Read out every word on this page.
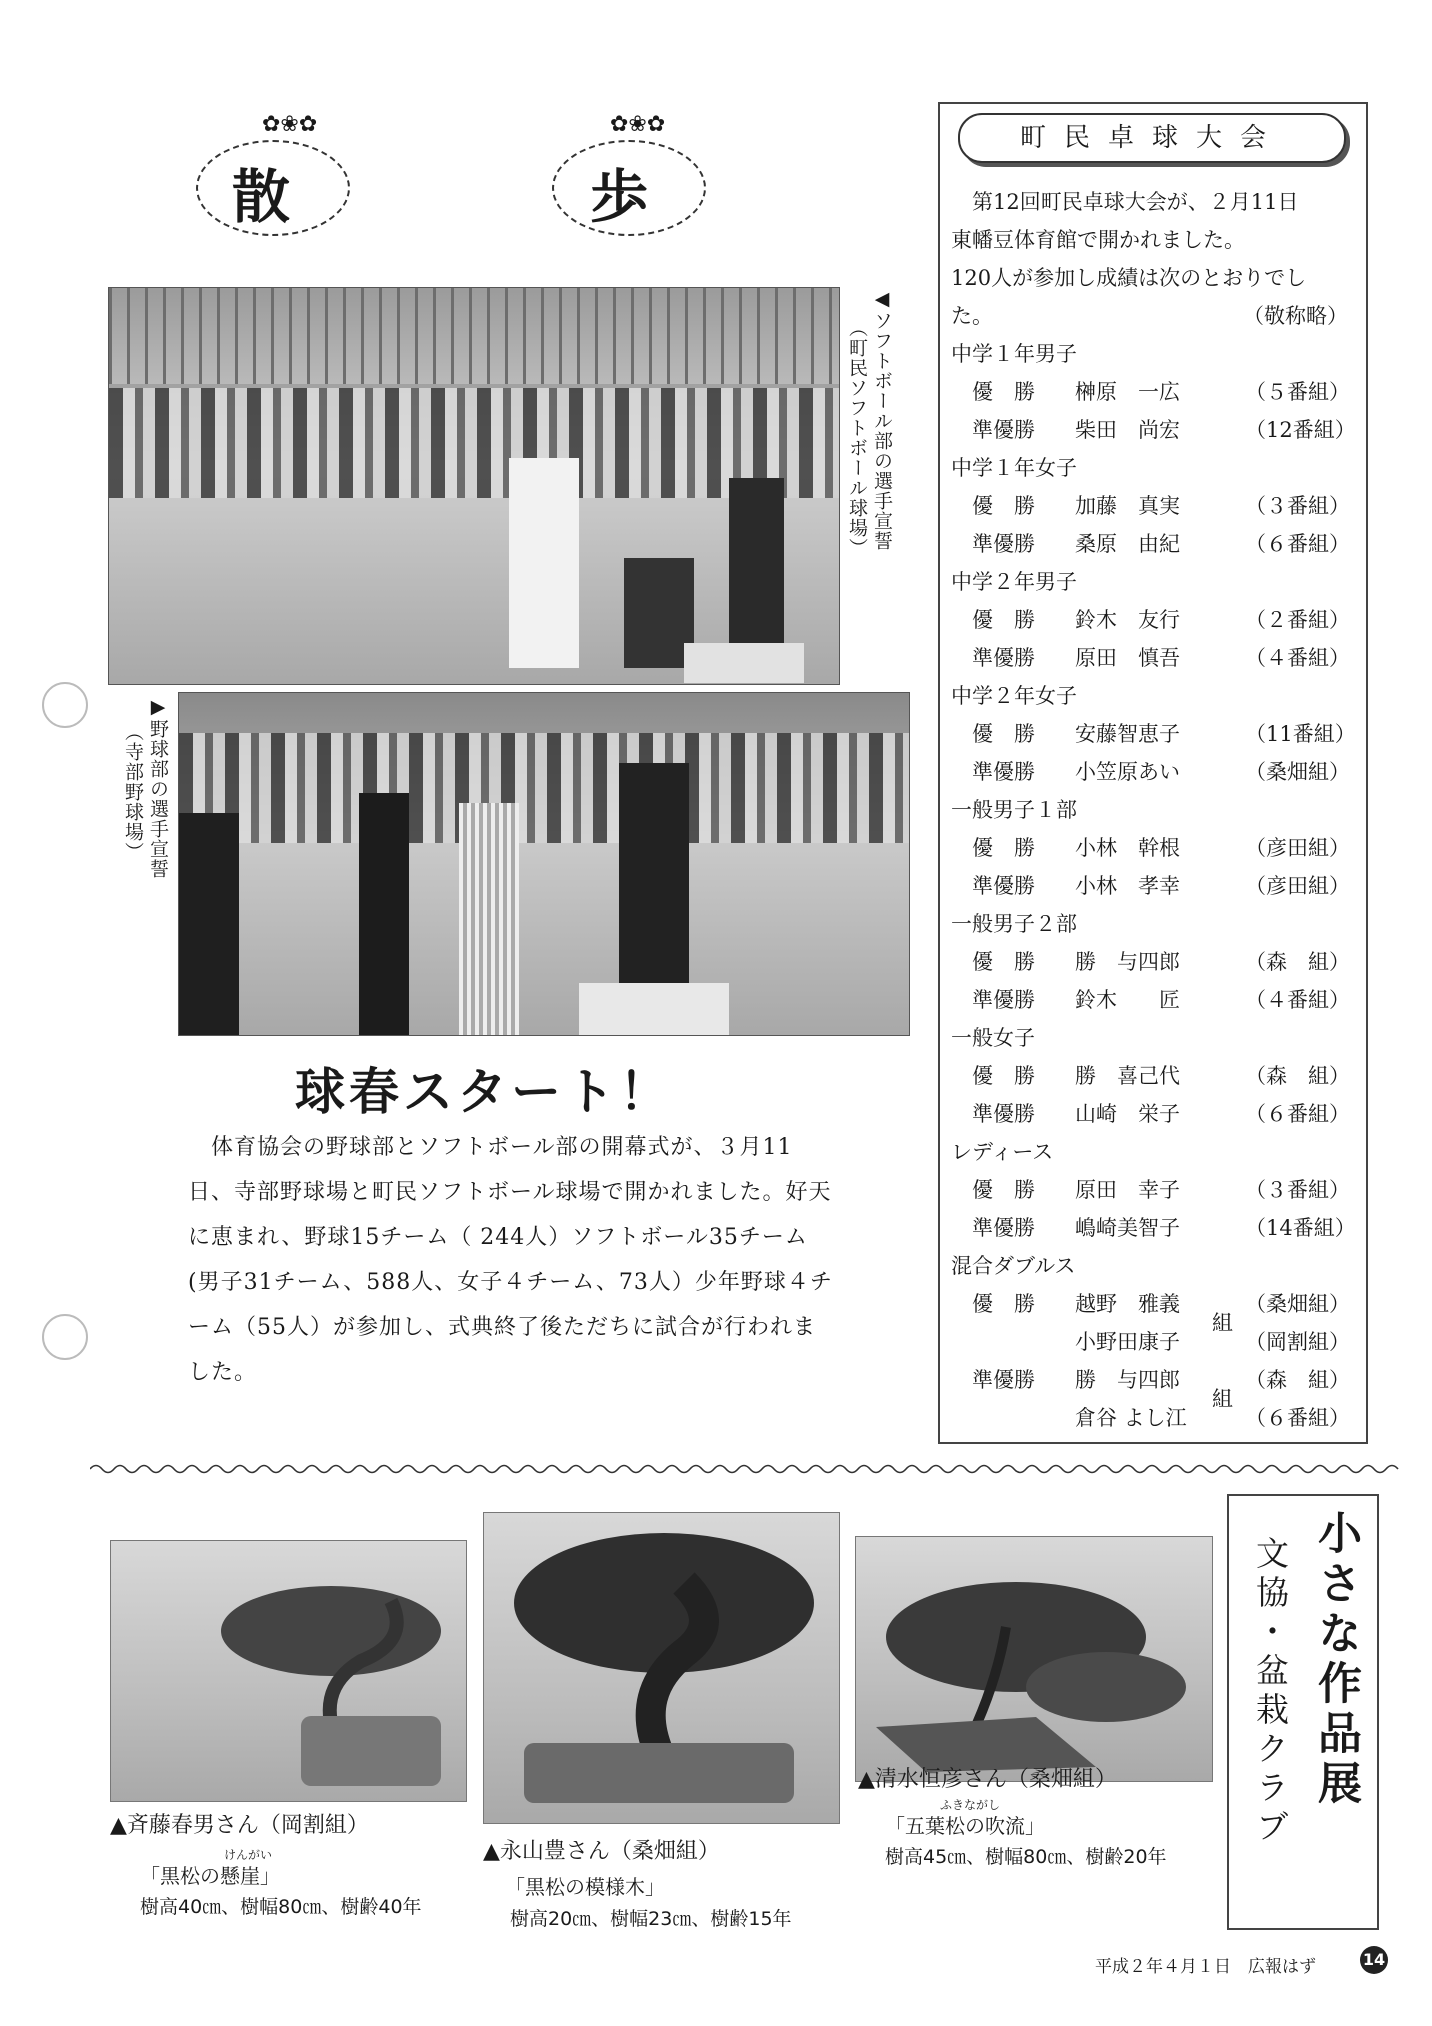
✿❀✿
散
✿❀✿
歩
◀ソフトボール部の選手宣誓
（町民ソフトボール球場）
▶野球部の選手宣誓
（寺部野球場）
球春スタート！
　体育協会の野球部とソフトボール部の開幕式が、３月11日、寺部野球場と町民ソフトボール球場で開かれました。好天に恵まれ、野球15チーム（ 244人）ソフトボール35チーム(男子31チーム、588人、女子４チーム、73人）少年野球４チーム（55人）が参加し、式典終了後ただちに試合が行われました。
町民卓球大会
　第12回町民卓球大会が、２月11日
東幡豆体育館で開かれました。
120人が参加し成績は次のとおりでし
た。	（敬称略）
中学１年男子
優　勝 榊原　一広	（５番組）
準優勝 柴田　尚宏	（12番組）
中学１年女子
優　勝 加藤　真実	（３番組）
準優勝 桑原　由紀	（６番組）
中学２年男子
優　勝 鈴木　友行	（２番組）
準優勝 原田　慎吾	（４番組）
中学２年女子
優　勝 安藤智恵子	（11番組）
準優勝 小笠原あい	（桑畑組）
一般男子１部
優　勝 小林　幹根	（彦田組）
準優勝 小林　孝幸	（彦田組）
一般男子２部
優　勝 勝　与四郎	（森　組）
準優勝 鈴木　　匠	（４番組）
一般女子
優　勝 勝　喜己代	（森　組）
準優勝 山崎　栄子	（６番組）
レディース
優　勝 原田　幸子	（３番組）
準優勝 嶋崎美智子	（14番組）
混合ダブルス
優　勝 越野　雅義	（桑畑組）
小野田康子	（岡割組）
組
準優勝 勝　与四郎	（森　組）
倉谷 よし江	（６番組）
組
▲斉藤春男さん（岡割組）
けんがい
「黒松の懸崖」
樹高40㎝、樹幅80㎝、樹齢40年
▲永山豊さん（桑畑組）
「黒松の模様木」
樹高20㎝、樹幅23㎝、樹齢15年
▲清水恒彦さん（桑畑組）
ふきながし
「五葉松の吹流」
樹高45㎝、樹幅80㎝、樹齢20年
小さな作品展
文協・盆栽クラブ
平成２年４月１日　広報はず	14
